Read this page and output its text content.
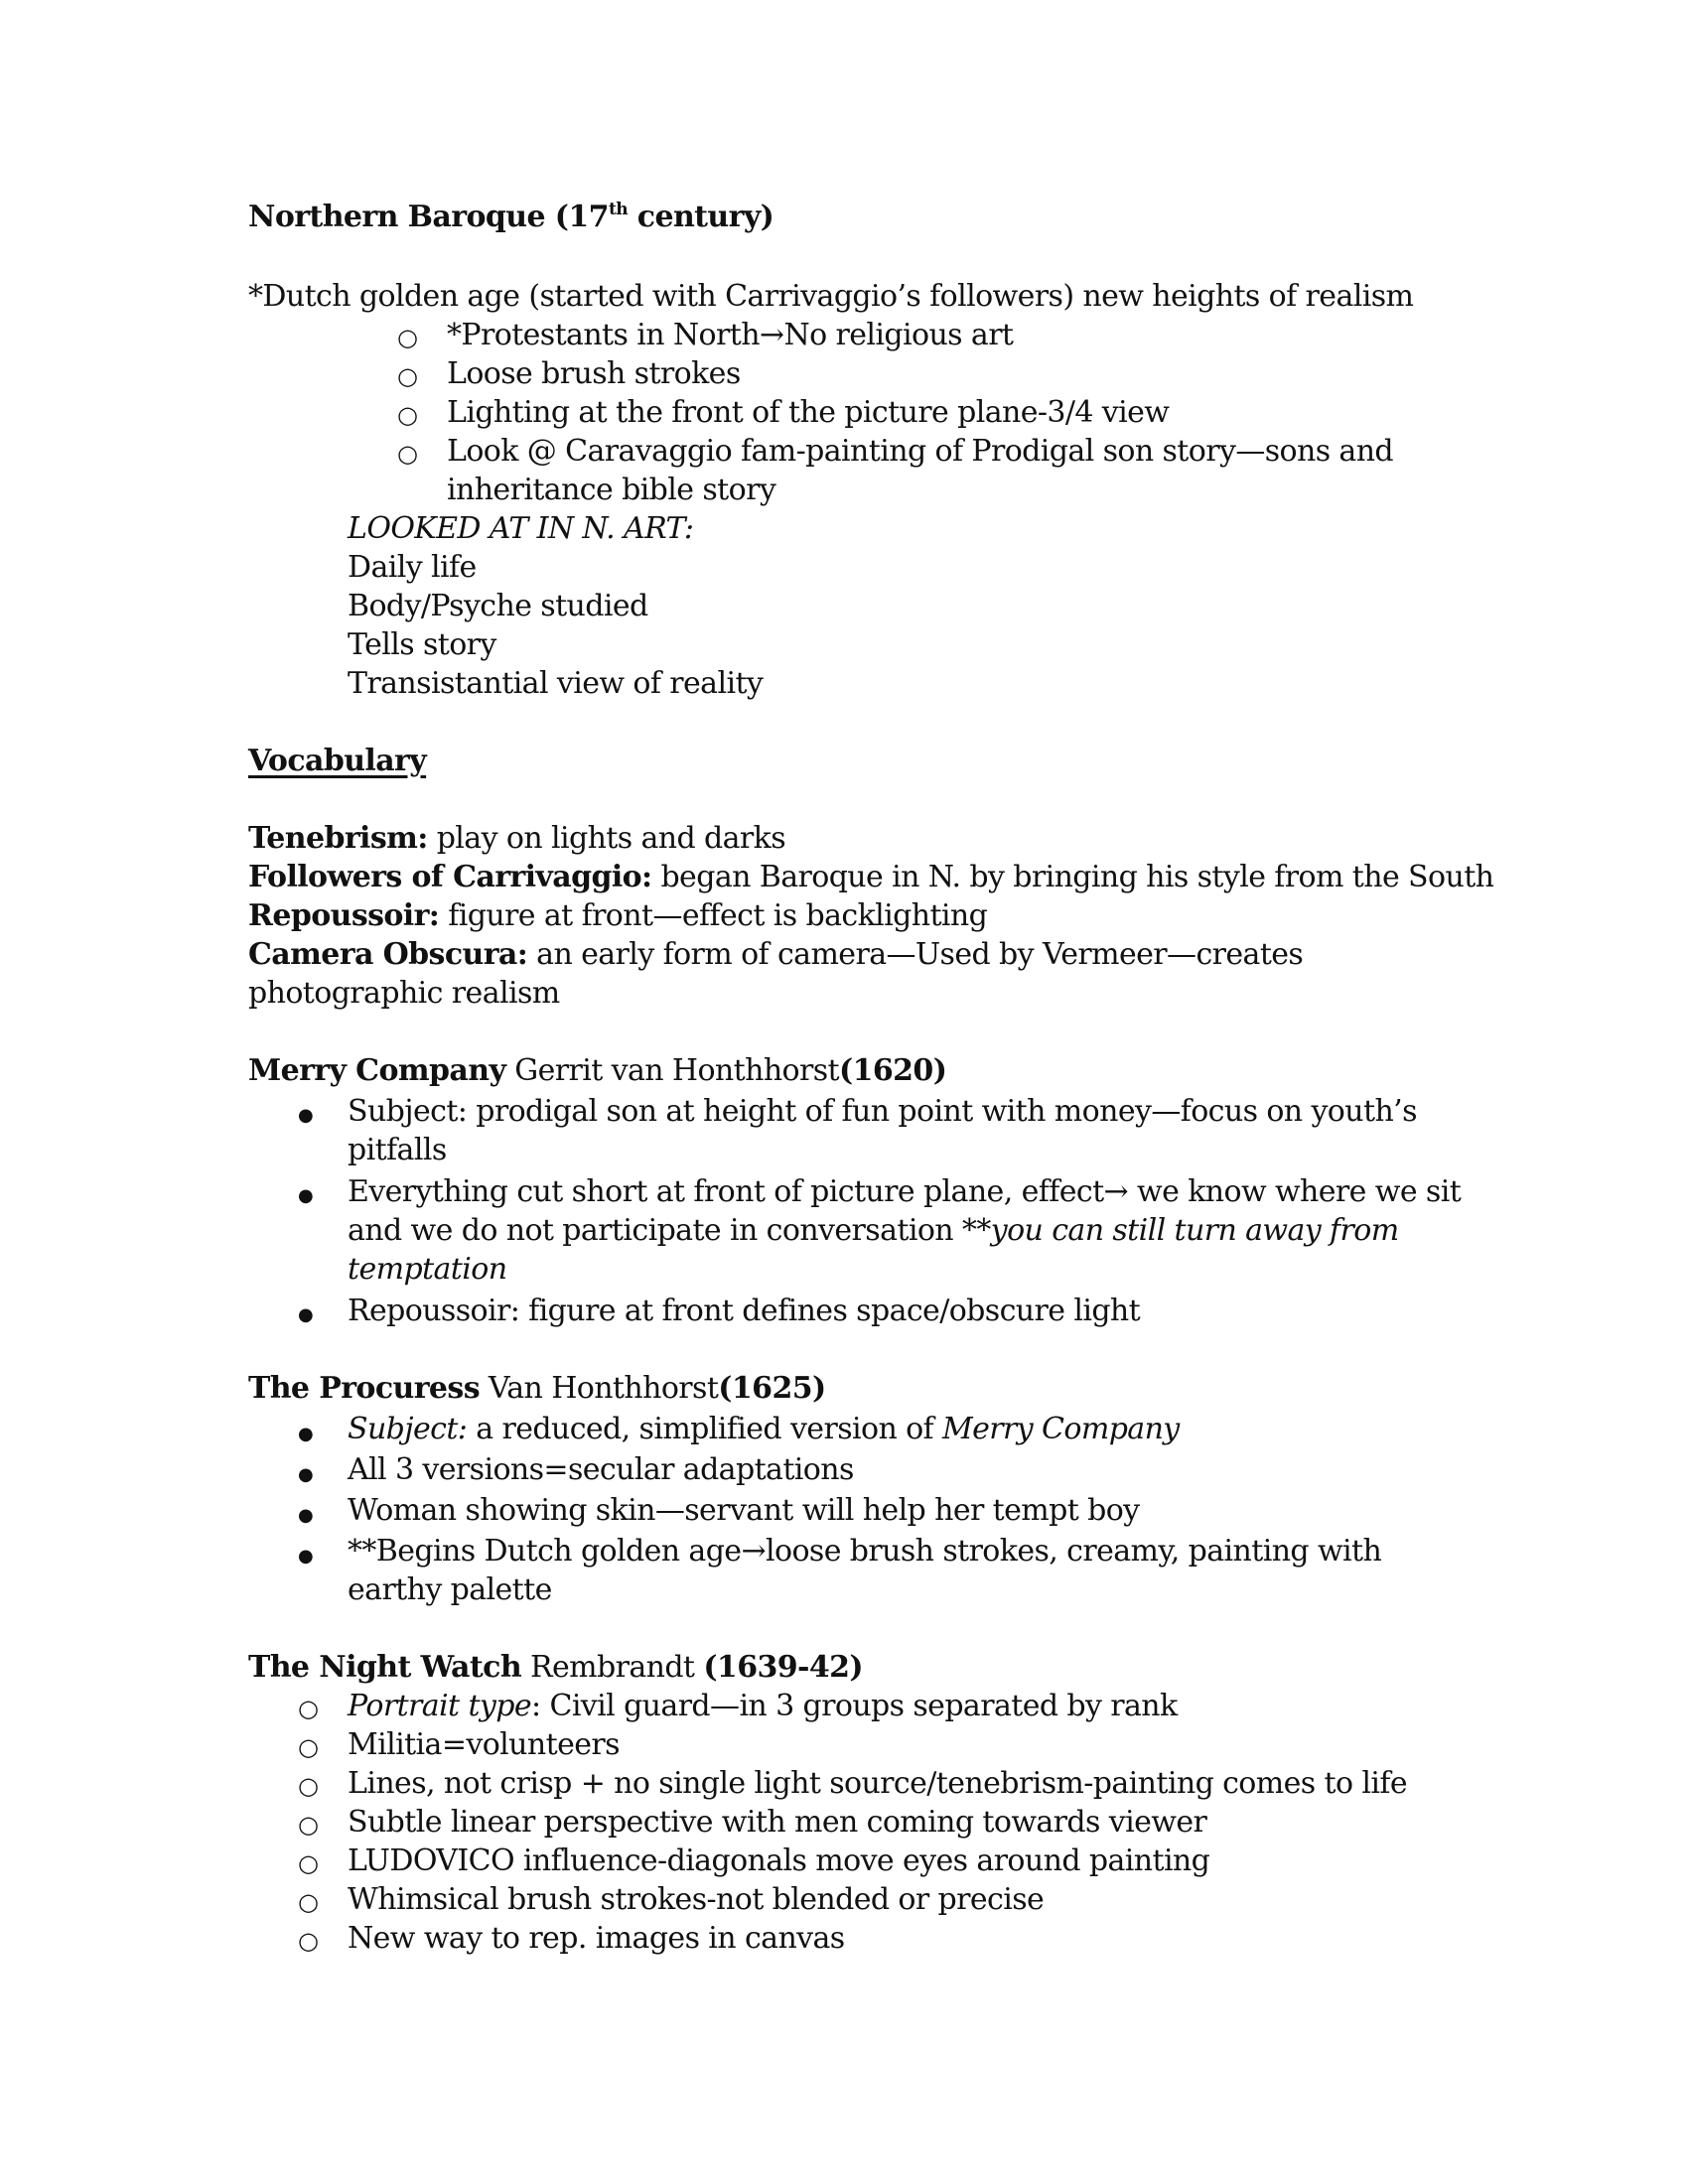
Northern Baroque (17th century)
*Dutch golden age (started with Carrivaggio’s followers) new heights of realism
○
*Protestants in North→No religious art
○
Loose brush strokes
○
Lighting at the front of the picture plane-3/4 view
○
Look @ Caravaggio fam-painting of Prodigal son story—sons and
inheritance bible story
LOOKED AT IN N. ART:
Daily life
Body/Psyche studied
Tells story
Transistantial view of reality
Vocabulary
Tenebrism: play on lights and darks
Followers of Carrivaggio: began Baroque in N. by bringing his style from the South
Repoussoir: figure at front—effect is backlighting
Camera Obscura: an early form of camera—Used by Vermeer—creates
photographic realism
Merry Company Gerrit van Honthhorst(1620)
●
Subject: prodigal son at height of fun point with money—focus on youth’s
pitfalls
●
Everything cut short at front of picture plane, effect→ we know where we sit
and we do not participate in conversation **you can still turn away from
temptation
●
Repoussoir: figure at front defines space/obscure light
The Procuress Van Honthhorst(1625)
●
Subject: a reduced, simplified version of Merry Company
●
All 3 versions=secular adaptations
●
Woman showing skin—servant will help her tempt boy
●
**Begins Dutch golden age→loose brush strokes, creamy, painting with
earthy palette
The Night Watch Rembrandt (1639-42)
○
Portrait type: Civil guard—in 3 groups separated by rank
○
Militia=volunteers
○
Lines, not crisp + no single light source/tenebrism-painting comes to life
○
Subtle linear perspective with men coming towards viewer
○
LUDOVICO influence-diagonals move eyes around painting
○
Whimsical brush strokes-not blended or precise
○
New way to rep. images in canvas
